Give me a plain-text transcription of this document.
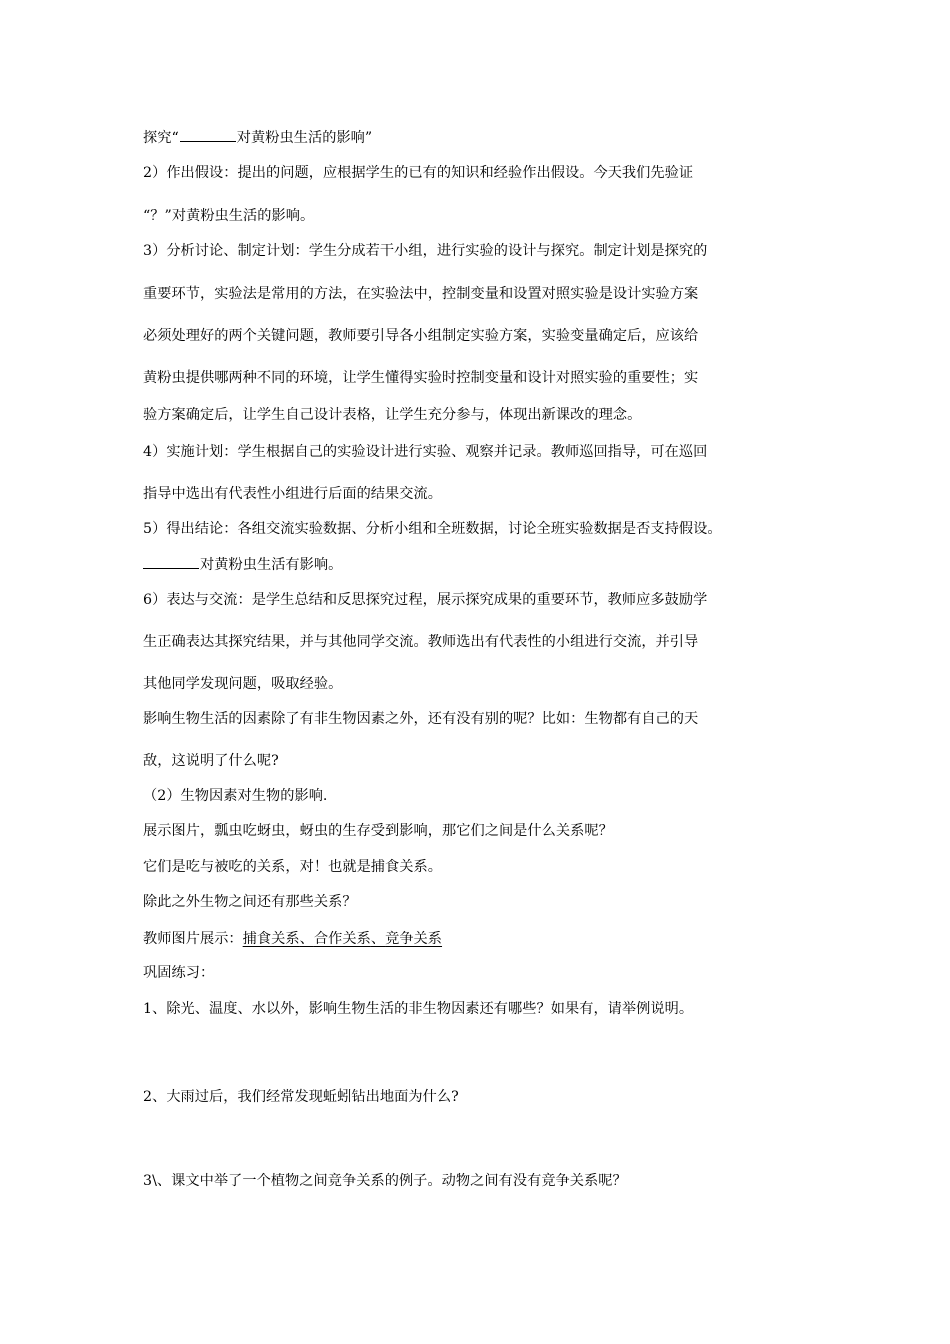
探究“	对黄粉虫生活的影响”
2）作出假设：提出的问题，应根据学生的已有的知识和经验作出假设。今天我们先验证
“？”对黄粉虫生活的影响。
3）分析讨论、制定计划：学生分成若干小组，进行实验的设计与探究。制定计划是探究的
重要环节，实验法是常用的方法，在实验法中，控制变量和设置对照实验是设计实验方案
必须处理好的两个关键问题，教师要引导各小组制定实验方案，实验变量确定后，应该给
黄粉虫提供哪两种不同的环境，让学生懂得实验时控制变量和设计对照实验的重要性；实
验方案确定后，让学生自己设计表格，让学生充分参与，体现出新课改的理念。
4）实施计划：学生根据自己的实验设计进行实验、观察并记录。教师巡回指导，可在巡回
指导中选出有代表性小组进行后面的结果交流。
5）得出结论：各组交流实验数据、分析小组和全班数据，讨论全班实验数据是否支持假设。
对黄粉虫生活有影响。
6）表达与交流：是学生总结和反思探究过程，展示探究成果的重要环节，教师应多鼓励学
生正确表达其探究结果，并与其他同学交流。教师选出有代表性的小组进行交流，并引导
其他同学发现问题，吸取经验。
影响生物生活的因素除了有非生物因素之外，还有没有别的呢？比如：生物都有自己的天
敌，这说明了什么呢?
（2）生物因素对生物的影响.
展示图片，瓢虫吃蚜虫，蚜虫的生存受到影响，那它们之间是什么关系呢？
它们是吃与被吃的关系，对！也就是捕食关系。
除此之外生物之间还有那些关系？
教师图片展示：捕食关系、合作关系、竞争关系
巩固练习：
1、除光、温度、水以外，影响生物生活的非生物因素还有哪些？如果有，请举例说明。
2、大雨过后，我们经常发现蚯蚓钻出地面为什么?
3\、课文中举了一个植物之间竞争关系的例子。动物之间有没有竞争关系呢？
